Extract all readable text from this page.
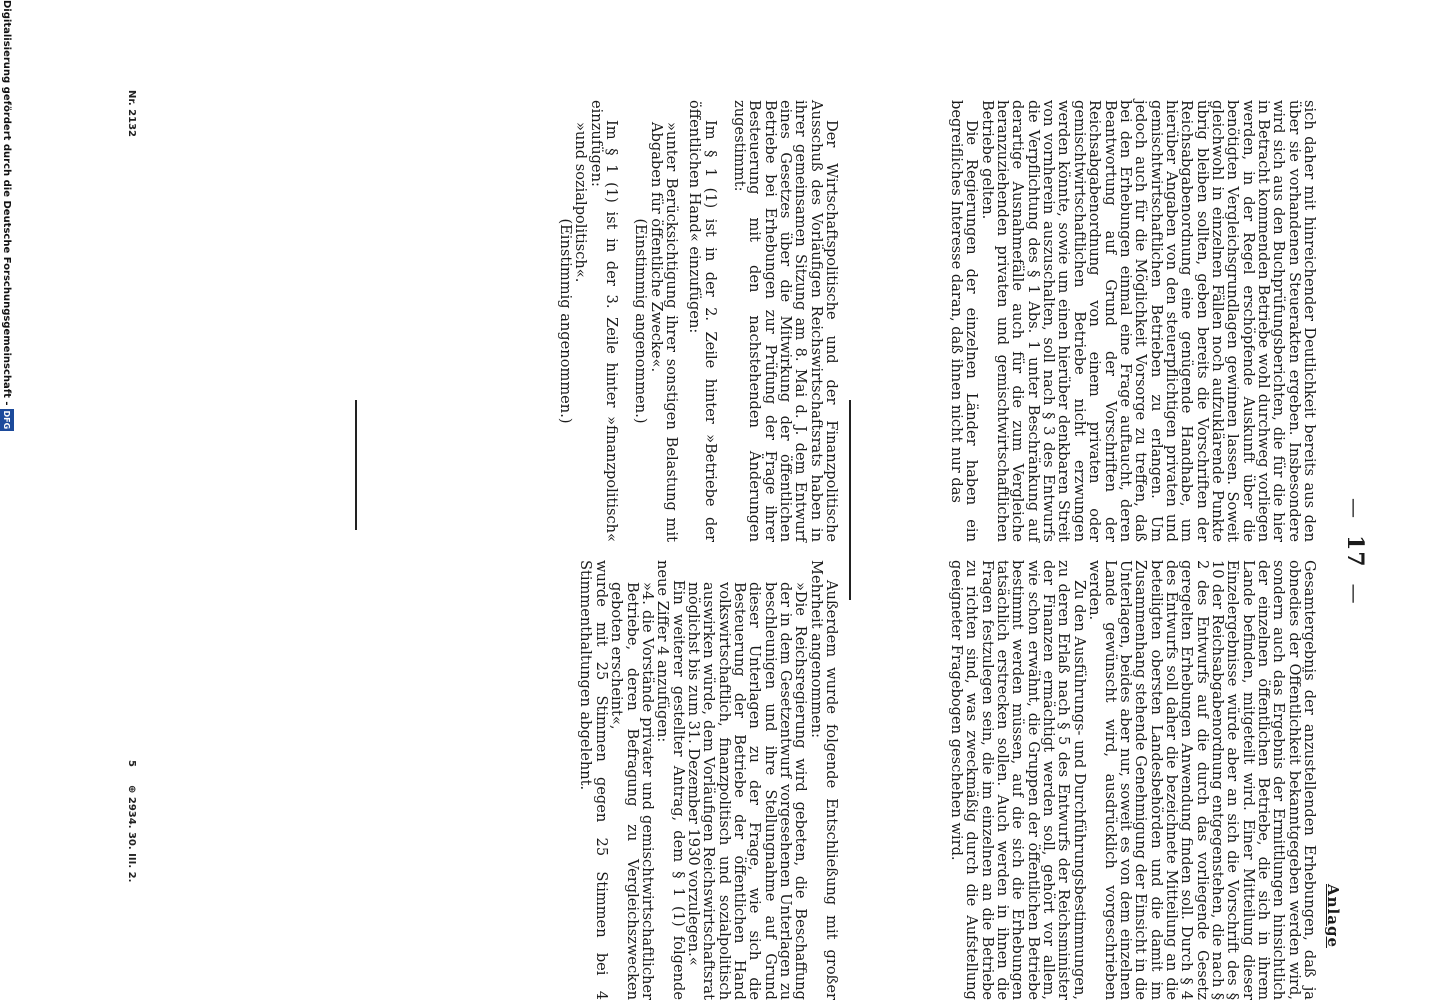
—17—
Anlage

sich daher mit hinreichender Deutlichkeit bereits aus den über sie vorhandenen Steuerakten ergeben. Insbesondere wird sich aus den Buchprüfungsberichten, die für die hier in Betracht kommenden Betriebe wohl durchweg vorliegen werden, in der Regel erschöpfende Auskunft über die benötigten Vergleichsgrundlagen gewinnen lassen. Soweit gleichwohl in einzelnen Fällen noch aufzuklärende Punkte übrig bleiben sollten, geben bereits die Vorschriften der Reichsabgabenordnung eine genügende Handhabe, um hierüber Angaben von den steuerpflichtigen privaten und gemischtwirtschaftlichen Betrieben zu erlangen. Um jedoch auch für die Möglichkeit Vorsorge zu treffen, daß bei den Erhebungen einmal eine Frage auftaucht, deren Beantwortung auf Grund der Vorschriften der Reichsabgabenordnung von einem privaten oder gemischtwirtschaftlichen Betriebe nicht erzwungen werden könnte, sowie um einen hierüber denkbaren Streit von vornherein auszuschalten, soll nach § 3 des Entwurfs die Verpflichtung des § 1 Abs. 1 unter Beschränkung auf derartige Ausnahmefälle auch für die zum Vergleiche heranzuziehenden privaten und gemischtwirtschaftlichen Betriebe gelten.

Die Regierungen der einzelnen Länder haben ein begreifliches Interesse daran, daß ihnen nicht nur das

Gesamtergebnis der anzustellenden Erhebungen, daß ja obnedies der Öffentlichkeit bekanntgegeben werden wird, sondern auch das Ergebnis der Ermittlungen hinsichtlich der einzelnen öffentlichen Betriebe, die sich in ihrem Lande befinden, mitgeteilt wird. Einer Mitteilung dieser Einzelergebnisse würde aber an sich die Vorschrift des § 10 der Reichsabgabenordnung entgegenstehen, die nach § 2 des Entwurfs auf die durch das vorliegende Gesetz geregelten Erhebungen Anwendung finden soll. Durch § 4 des Entwurfs soll daher die bezeichnete Mitteilung an die beteiligten obersten Landesbehörden und die damit im Zusammenhang stehende Genehmigung der Einsicht in die Unterlagen, beides aber nur, soweit es von dem einzelnen Lande gewünscht wird, ausdrücklich vorgeschrieben werden.

Zu den Ausführungs- und Durchführungsbestimmungen, zu deren Erlaß nach § 5 des Entwurfs der Reichsminister der Finanzen ermächtigt werden soll, gehört vor allem, wie schon erwähnt, die Gruppen der öffentlichen Betriebe bestimmt werden müssen, auf die sich die Erhebungen tatsächlich erstrecken sollen. Auch werden in ihnen die Fragen festzulegen sein, die im einzelnen an die Betriebe zu richten sind, was zweckmäßig durch die Aufstellung geeigneter Fragebogen geschehen wird.

Der Wirtschaftspolitische und der Finanzpolitische Ausschuß des Vorläufigen Reichswirtschaftsrats haben in ihrer gemeinsamen Sitzung am 8. Mai d. J. dem Entwurf eines Gesetzes über die Mitwirkung der öffentlichen Betriebe bei Erhebungen zur Prüfung der Frage ihrer Besteuerung mit den nachstehenden Änderungen zugestimmt:

Im § 1 (1) ist in der 2. Zeile hinter »Betriebe der öffentlichen Hand« einzufügen:

»unter Berücksichtigung ihrer sonstigen Belastung mit Abgaben für öffentliche Zwecke«.

(Einstimmig angenommen.)

Im § 1 (1) ist in der 3. Zeile hinter »finanzpolitisch« einzufügen:

»und sozialpolitisch«.

(Einstimmig angenommen.)

Außerdem wurde folgende Entschließung mit großer Mehrheit angenommen:

»Die Reichsregierung wird gebeten, die Beschaffung der in dem Gesetzentwurf vorgesehenen Unterlagen zu beschleunigen und ihre Stellungnahme auf Grund dieser Unterlagen zu der Frage, wie sich die Besteuerung der Betriebe der öffentlichen Hand volkswirtschaftlich, finanzpolitisch und sozialpolitisch auswirken würde, dem Vorläufigen Reichswirtschaftsrat möglichst bis zum 31. Dezember 1930 vorzulegen.«

Ein weiterer gestellter Antrag, dem § 1 (1) folgende neue Ziffer 4 anzufügen:

»4. die Vorstände privater und gemischtwirtschaftlicher Betriebe, deren Befragung zu Vergleichszwecken geboten erscheint«,

wurde mit 25 Stimmen gegen 25 Stimmen bei 4 Stimmenthaltungen abgelehnt.

Nr. 2132
5
⊕ 2934. 30. III. 2.
Digitalisierung gefördert durch die Deutsche Forschungsgemeinschaft -DFG
